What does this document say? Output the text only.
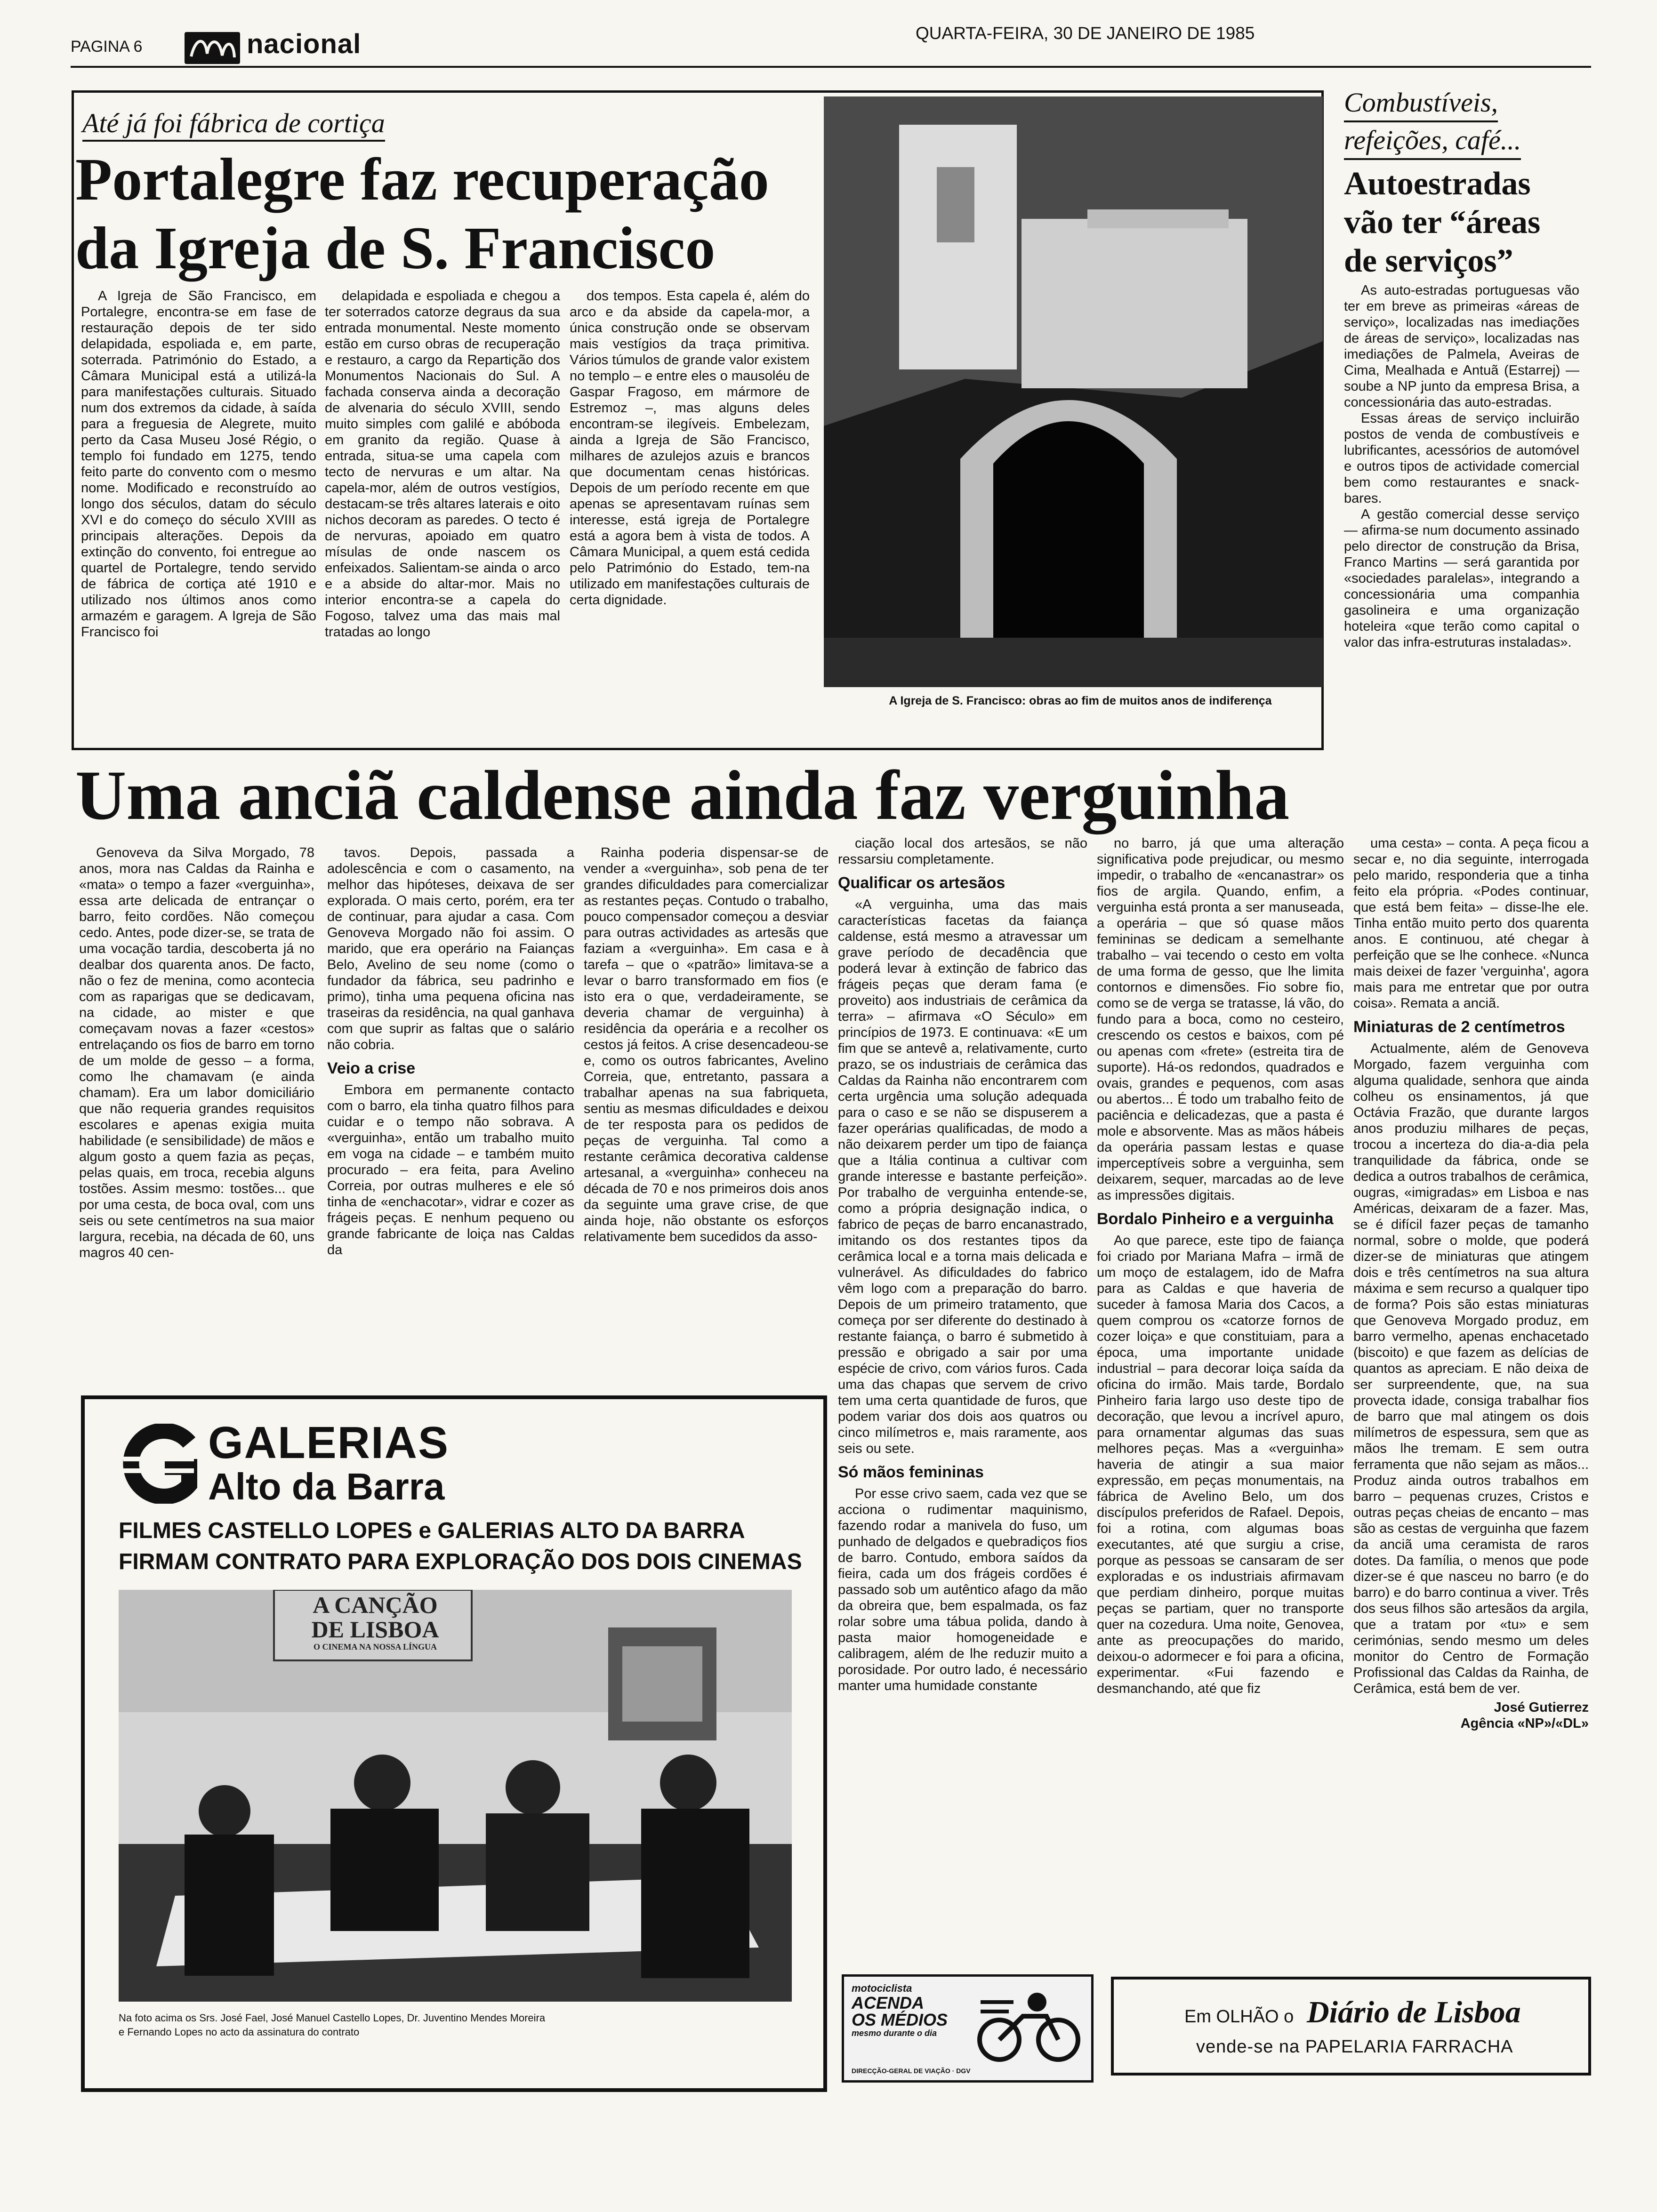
PAGINA 6	nacional	QUARTA-FEIRA, 30 DE JANEIRO DE 1985
Até já foi fábrica de cortiça
Portalegre faz recuperação
da Igreja de S. Francisco

A Igreja de São Francisco, em Portalegre, encontra-se em fase de restauração depois de ter sido delapidada, espoliada e, em parte, soterrada. Património do Estado, a Câmara Municipal está a utilizá-la para manifestações culturais. Situado num dos extremos da cidade, à saída para a freguesia de Alegrete, muito perto da Casa Museu José Régio, o templo foi fundado em 1275, tendo feito parte do convento com o mesmo nome. Modificado e reconstruído ao longo dos séculos, datam do século XVI e do começo do século XVIII as principais alterações. Depois da extinção do convento, foi entregue ao quartel de Portalegre, tendo servido de fábrica de cortiça até 1910 e utilizado nos últimos anos como armazém e garagem. A Igreja de São Francisco foi

delapidada e espoliada e chegou a ter soterrados catorze degraus da sua entrada monumental. Neste momento estão em curso obras de recuperação e restauro, a cargo da Repartição dos Monumentos Nacionais do Sul. A fachada conserva ainda a decoração de alvenaria do século XVIII, sendo muito simples com galilé e abóboda em granito da região. Quase à entrada, situa-se uma capela com tecto de nervuras e um altar. Na capela-mor, além de outros vestígios, destacam-se três altares laterais e oito nichos decoram as paredes. O tecto é de nervuras, apoiado em quatro mísulas de onde nascem os enfeixados. Salientam-se ainda o arco e a abside do altar-mor. Mais no interior encontra-se a capela do Fogoso, talvez uma das mais mal tratadas ao longo

dos tempos. Esta capela é, além do arco e da abside da capela-mor, a única construção onde se observam mais vestígios da traça primitiva. Vários túmulos de grande valor existem no templo – e entre eles o mausoléu de Gaspar Fragoso, em mármore de Estremoz –, mas alguns deles encontram-se ilegíveis. Embelezam, ainda a Igreja de São Francisco, milhares de azulejos azuis e brancos que documentam cenas históricas. Depois de um período recente em que apenas se apresentavam ruínas sem interesse, está igreja de Portalegre está a agora bem à vista de todos. A Câmara Municipal, a quem está cedida pelo Património do Estado, tem-na utilizado em manifestações culturais de certa dignidade.

A Igreja de S. Francisco: obras ao fim de muitos anos de indiferença
Combustíveis,
refeições, café...
Autoestradas
vão ter “áreas
de serviços”

As auto-estradas portuguesas vão ter em breve as primeiras «áreas de serviço», localizadas nas imediações de áreas de serviço», localizadas nas imediações de Palmela, Aveiras de Cima, Mealhada e Antuã (Estarrej) — soube a NP junto da empresa Brisa, a concessionária das auto-estradas.

Essas áreas de serviço incluirão postos de venda de combustíveis e lubrificantes, acessórios de automóvel e outros tipos de actividade comercial bem como restaurantes e snack-bares.

A gestão comercial desse serviço — afirma-se num documento assinado pelo director de construção da Brisa, Franco Martins — será garantida por «sociedades paralelas», integrando a concessionária uma companhia gasolineira e uma organização hoteleira «que terão como capital o valor das infra-estruturas instaladas».

Uma anciã caldense ainda faz verguinha

Genoveva da Silva Morgado, 78 anos, mora nas Caldas da Rainha e «mata» o tempo a fazer «verguinha», essa arte delicada de entrançar o barro, feito cordões. Não começou cedo. Antes, pode dizer-se, se trata de uma vocação tardia, descoberta já no dealbar dos quarenta anos. De facto, não o fez de menina, como acontecia com as raparigas que se dedicavam, na cidade, ao mister e que começavam novas a fazer «cestos» entrelaçando os fios de barro em torno de um molde de gesso – a forma, como lhe chamavam (e ainda chamam). Era um labor domiciliário que não requeria grandes requisitos escolares e apenas exigia muita habilidade (e sensibilidade) de mãos e algum gosto a quem fazia as peças, pelas quais, em troca, recebia alguns tostões. Assim mesmo: tostões... que por uma cesta, de boca oval, com uns seis ou sete centímetros na sua maior largura, recebia, na década de 60, uns magros 40 cen-

tavos. Depois, passada a adolescência e com o casamento, na melhor das hipóteses, deixava de ser explorada. O mais certo, porém, era ter de continuar, para ajudar a casa. Com Genoveva Morgado não foi assim. O marido, que era operário na Faianças Belo, Avelino de seu nome (como o fundador da fábrica, seu padrinho e primo), tinha uma pequena oficina nas traseiras da residência, na qual ganhava com que suprir as faltas que o salário não cobria.

Veio a crise

Embora em permanente contacto com o barro, ela tinha quatro filhos para cuidar e o tempo não sobrava. A «verguinha», então um trabalho muito em voga na cidade – e também muito procurado – era feita, para Avelino Correia, por outras mulheres e ele só tinha de «enchacotar», vidrar e cozer as frágeis peças. E nenhum pequeno ou grande fabricante de loiça nas Caldas da

Rainha poderia dispensar-se de vender a «verguinha», sob pena de ter grandes dificuldades para comercializar as restantes peças. Contudo o trabalho, pouco compensador começou a desviar para outras actividades as artesãs que faziam a «verguinha». Em casa e à tarefa – que o «patrão» limitava-se a levar o barro transformado em fios (e isto era o que, verdadeiramente, se deveria chamar de verguinha) à residência da operária e a recolher os cestos já feitos. A crise desencadeou-se e, como os outros fabricantes, Avelino Correia, que, entretanto, passara a trabalhar apenas na sua fabriqueta, sentiu as mesmas dificuldades e deixou de ter resposta para os pedidos de peças de verguinha. Tal como a restante cerâmica decorativa caldense artesanal, a «verguinha» conheceu na década de 70 e nos primeiros dois anos da seguinte uma grave crise, de que ainda hoje, não obstante os esforços relativamente bem sucedidos da asso-

ciação local dos artesãos, se não ressarsiu completamente.

Qualificar os artesãos

«A verguinha, uma das mais características facetas da faiança caldense, está mesmo a atravessar um grave período de decadência que poderá levar à extinção de fabrico das frágeis peças que deram fama (e proveito) aos industriais de cerâmica da terra» – afirmava «O Século» em princípios de 1973. E continuava: «E um fim que se antevê a, relativamente, curto prazo, se os industriais de cerâmica das Caldas da Rainha não encontrarem com certa urgência uma solução adequada para o caso e se não se dispuserem a fazer operárias qualificadas, de modo a não deixarem perder um tipo de faiança que a Itália continua a cultivar com grande interesse e bastante perfeição». Por trabalho de verguinha entende-se, como a própria designação indica, o fabrico de peças de barro encanastrado, imitando os dos restantes tipos da cerâmica local e a torna mais delicada e vulnerável. As dificuldades do fabrico vêm logo com a preparação do barro. Depois de um primeiro tratamento, que começa por ser diferente do destinado à restante faiança, o barro é submetido à pressão e obrigado a sair por uma espécie de crivo, com vários furos. Cada uma das chapas que servem de crivo tem uma certa quantidade de furos, que podem variar dos dois aos quatros ou cinco milímetros e, mais raramente, aos seis ou sete.

Só mãos femininas

Por esse crivo saem, cada vez que se acciona o rudimentar maquinismo, fazendo rodar a manivela do fuso, um punhado de delgados e quebradiços fios de barro. Contudo, embora saídos da fieira, cada um dos frágeis cordões é passado sob um autêntico afago da mão da obreira que, bem espalmada, os faz rolar sobre uma tábua polida, dando à pasta maior homogeneidade e calibragem, além de lhe reduzir muito a porosidade. Por outro lado, é necessário manter uma humidade constante

no barro, já que uma alteração significativa pode prejudicar, ou mesmo impedir, o trabalho de «encanastrar» os fios de argila. Quando, enfim, a verguinha está pronta a ser manuseada, a operária – que só quase mãos femininas se dedicam a semelhante trabalho – vai tecendo o cesto em volta de uma forma de gesso, que lhe limita contornos e dimensões. Fio sobre fio, como se de verga se tratasse, lá vão, do fundo para a boca, como no cesteiro, crescendo os cestos e baixos, com pé ou apenas com «frete» (estreita tira de suporte). Há-os redondos, quadrados e ovais, grandes e pequenos, com asas ou abertos... É todo um trabalho feito de paciência e delicadezas, que a pasta é mole e absorvente. Mas as mãos hábeis da operária passam lestas e quase imperceptíveis sobre a verguinha, sem deixarem, sequer, marcadas ao de leve as impressões digitais.

Bordalo Pinheiro e a verguinha

Ao que parece, este tipo de faiança foi criado por Mariana Mafra – irmã de um moço de estalagem, ido de Mafra para as Caldas e que haveria de suceder à famosa Maria dos Cacos, a quem comprou os «catorze fornos de cozer loiça» e que constituiam, para a época, uma importante unidade industrial – para decorar loiça saída da oficina do irmão. Mais tarde, Bordalo Pinheiro faria largo uso deste tipo de decoração, que levou a incrível apuro, para ornamentar algumas das suas melhores peças. Mas a «verguinha» haveria de atingir a sua maior expressão, em peças monumentais, na fábrica de Avelino Belo, um dos discípulos preferidos de Rafael. Depois, foi a rotina, com algumas boas executantes, até que surgiu a crise, porque as pessoas se cansaram de ser exploradas e os industriais afirmavam que perdiam dinheiro, porque muitas peças se partiam, quer no transporte quer na cozedura. Uma noite, Genovea, ante as preocupações do marido, deixou-o adormecer e foi para a oficina, experimentar. «Fui fazendo e desmanchando, até que fiz

uma cesta» – conta. A peça ficou a secar e, no dia seguinte, interrogada pelo marido, responderia que a tinha feito ela própria. «Podes continuar, que está bem feita» – disse-lhe ele. Tinha então muito perto dos quarenta anos. E continuou, até chegar à perfeição que se lhe conhece. «Nunca mais deixei de fazer 'verguinha', agora mais para me entretar que por outra coisa». Remata a anciã.

Miniaturas de 2 centímetros

Actualmente, além de Genoveva Morgado, fazem verguinha com alguma qualidade, senhora que ainda colheu os ensinamentos, já que Octávia Frazão, que durante largos anos produziu milhares de peças, trocou a incerteza do dia-a-dia pela tranquilidade da fábrica, onde se dedica a outros trabalhos de cerâmica, ougras, «imigradas» em Lisboa e nas Américas, deixaram de a fazer. Mas, se é difícil fazer peças de tamanho normal, sobre o molde, que poderá dizer-se de miniaturas que atingem dois e três centímetros na sua altura máxima e sem recurso a qualquer tipo de forma? Pois são estas miniaturas que Genoveva Morgado produz, em barro vermelho, apenas enchacetado (biscoito) e que fazem as delícias de quantos as apreciam. E não deixa de ser surpreendente, que, na sua provecta idade, consiga trabalhar fios de barro que mal atingem os dois milímetros de espessura, sem que as mãos lhe tremam. E sem outra ferramenta que não sejam as mãos... Produz ainda outros trabalhos em barro – pequenas cruzes, Cristos e outras peças cheias de encanto – mas são as cestas de verguinha que fazem da anciã uma ceramista de raros dotes. Da família, o menos que pode dizer-se é que nasceu no barro (e do barro) e do barro continua a viver. Três dos seus filhos são artesãos da argila, que a tratam por «tu» e sem cerimónias, sendo mesmo um deles monitor do Centro de Formação Profissional das Caldas da Rainha, de Cerâmica, está bem de ver.

José Gutierrez
Agência «NP»/«DL»
GALERIAS
Alto da Barra
FILMES CASTELLO LOPES e GALERIAS ALTO DA BARRA
FIRMAM CONTRATO PARA EXPLORAÇÃO DOS DOIS CINEMAS
A CANÇÃO
DE LISBOA
O CINEMA NA NOSSA LÍNGUA
Na foto acima os Srs. José Fael, José Manuel Castello Lopes, Dr. Juventino Mendes Moreira
e Fernando Lopes no acto da assinatura do contrato
motociclista
ACENDA
OS MÉDIOS
mesmo durante o dia
DIRECÇÃO-GERAL DE VIAÇÃO · DGV
Em OLHÃO o Diário de Lisboa
vende-se na PAPELARIA FARRACHA
